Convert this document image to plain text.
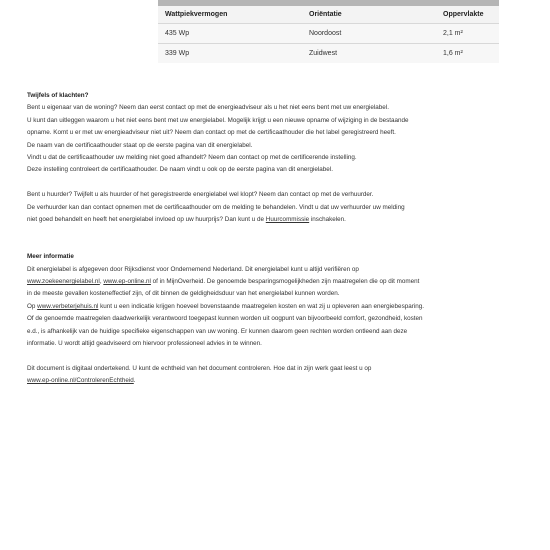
Wattpiekvermogen	Oriëntatie	Oppervlakte
435 Wp	Noordoost	2,1 m²
339 Wp	Zuidwest	1,6 m²

Twijfels of klachten?

Bent u eigenaar van de woning? Neem dan eerst contact op met de energieadviseur als u het niet eens bent met uw energielabel.

U kunt dan uitleggen waarom u het niet eens bent met uw energielabel. Mogelijk krijgt u een nieuwe opname of wijziging in de bestaande

opname. Komt u er met uw energieadviseur niet uit? Neem dan contact op met de certificaathouder die het label geregistreerd heeft.

De naam van de certificaathouder staat op de eerste pagina van dit energielabel.

Vindt u dat de certificaathouder uw melding niet goed afhandelt? Neem dan contact op met de certificerende instelling.

Deze instelling controleert de certificaathouder. De naam vindt u ook op de eerste pagina van dit energielabel.

Bent u huurder? Twijfelt u als huurder of het geregistreerde energielabel wel klopt? Neem dan contact op met de verhuurder.

De verhuurder kan dan contact opnemen met de certificaathouder om de melding te behandelen. Vindt u dat uw verhuurder uw melding

niet goed behandelt en heeft het energielabel invloed op uw huurprijs? Dan kunt u de Huurcommissie inschakelen.

Meer informatie

Dit energielabel is afgegeven door Rijksdienst voor Ondernemend Nederland. Dit energielabel kunt u altijd verifiëren op

www.zoekeenergielabel.nl, www.ep-online.nl of in MijnOverheid. De genoemde besparingsmogelijkheden zijn maatregelen die op dit moment

in de meeste gevallen kosteneffectief zijn, of dit binnen de geldigheidsduur van het energielabel kunnen worden.

Op www.verbeterjehuis.nl kunt u een indicatie krijgen hoeveel bovenstaande maatregelen kosten en wat zij u opleveren aan energiebesparing.

Of de genoemde maatregelen daadwerkelijk verantwoord toegepast kunnen worden uit oogpunt van bijvoorbeeld comfort, gezondheid, kosten

e.d., is afhankelijk van de huidige specifieke eigenschappen van uw woning. Er kunnen daarom geen rechten worden ontleend aan deze

informatie. U wordt altijd geadviseerd om hiervoor professioneel advies in te winnen.

Dit document is digitaal ondertekend. U kunt de echtheid van het document controleren. Hoe dat in zijn werk gaat leest u op

www.ep-online.nl/ControlerenEchtheid.
